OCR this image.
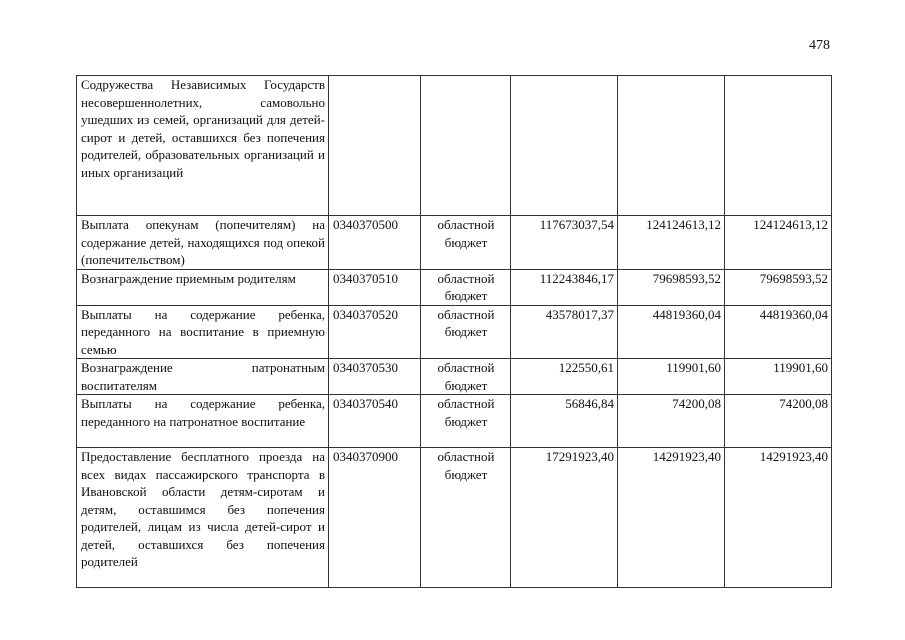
478
Содружества Независимых Государств несовершеннолетних, самовольно ушедших из семей, организаций для детей-сирот и детей, оставшихся без попечения родителей, образовательных организаций и иных организаций					
Выплата опекунам (попечителям) на содержание детей, находящихся под опекой (попечительством)	0340370500	областной бюджет	117673037,54	124124613,12	124124613,12
Вознаграждение приемным родителям	0340370510	областной бюджет	112243846,17	79698593,52	79698593,52
Выплаты на содержание ребенка, переданного на воспитание в приемную семью	0340370520	областной бюджет	43578017,37	44819360,04	44819360,04
Вознаграждение патронатным воспитателям	0340370530	областной бюджет	122550,61	119901,60	119901,60
Выплаты на содержание ребенка, переданного на патронатное воспитание	0340370540	областной бюджет	56846,84	74200,08	74200,08
Предоставление бесплатного проезда на всех видах пассажирского транспорта в Ивановской области детям-сиротам и детям, оставшимся без попечения родителей, лицам из числа детей-сирот и детей, оставшихся без попечения родителей	0340370900	областной бюджет	17291923,40	14291923,40	14291923,40
